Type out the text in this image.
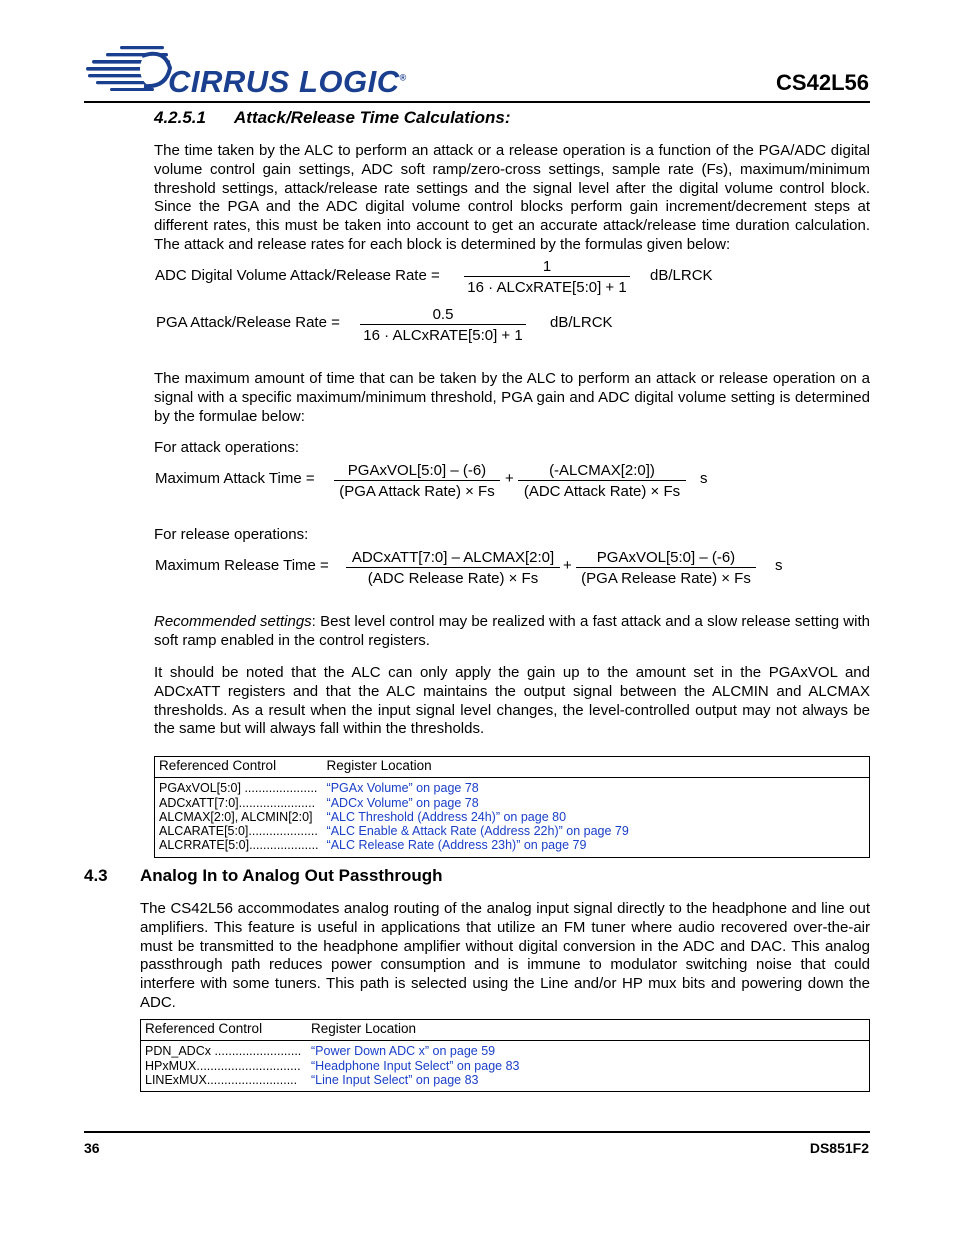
CIRRUS LOGIC®	CS42L56
4.2.5.1 Attack/Release Time Calculations:
The time taken by the ALC to perform an attack or a release operation is a function of the PGA/ADC digital volume control gain settings, ADC soft ramp/zero-cross settings, sample rate (Fs), maximum/minimum threshold settings, attack/release rate settings and the signal level after the digital volume control block. Since the PGA and the ADC digital volume control blocks perform gain increment/decrement steps at different rates, this must be taken into account to get an accurate attack/release time duration calculation. The attack and release rates for each block is determined by the formulas given below:
ADC Digital Volume Attack/Release Rate =
1
16 · ALCxRATE[5:0] + 1
dB/LRCK
PGA Attack/Release Rate =	0.5
16 · ALCxRATE[5:0] + 1
dB/LRCK
The maximum amount of time that can be taken by the ALC to perform an attack or release operation on a signal with a specific maximum/minimum threshold, PGA gain and ADC digital volume setting is determined by the formulae below:
For attack operations:
Maximum Attack Time =	PGAxVOL[5:0] – (-6)
(PGA Attack Rate) × Fs
+	(-ALCMAX[2:0])
(ADC Attack Rate) × Fs
s
For release operations:
Maximum Release Time =	ADCxATT[7:0] – ALCMAX[2:0]
(ADC Release Rate) × Fs
+	PGAxVOL[5:0] – (-6)
(PGA Release Rate) × Fs
s
Recommended settings: Best level control may be realized with a fast attack and a slow release setting with soft ramp enabled in the control registers.
It should be noted that the ALC can only apply the gain up to the amount set in the PGAxVOL and ADCxATT registers and that the ALC maintains the output signal between the ALCMIN and ALCMAX thresholds. As a result when the input signal level changes, the level-controlled output may not always be the same but will always fall within the thresholds.
Referenced Control	Register Location
PGAxVOL[5:0] .....................	“PGAx Volume” on page 78
ADCxATT[7:0]......................	“ADCx Volume” on page 78
ALCMAX[2:0], ALCMIN[2:0]	“ALC Threshold (Address 24h)” on page 80
ALCARATE[5:0]....................	“ALC Enable & Attack Rate (Address 22h)” on page 79
ALCRRATE[5:0]....................	“ALC Release Rate (Address 23h)” on page 79
4.3 Analog In to Analog Out Passthrough
The CS42L56 accommodates analog routing of the analog input signal directly to the headphone and line out amplifiers. This feature is useful in applications that utilize an FM tuner where audio recovered over-the-air must be transmitted to the headphone amplifier without digital conversion in the ADC and DAC. This analog passthrough path reduces power consumption and is immune to modulator switching noise that could interfere with some tuners. This path is selected using the Line and/or HP mux bits and powering down the ADC.
Referenced Control	Register Location
PDN_ADCx .........................	“Power Down ADC x” on page 59
HPxMUX..............................	“Headphone Input Select” on page 83
LINExMUX..........................	“Line Input Select” on page 83
36	DS851F2
